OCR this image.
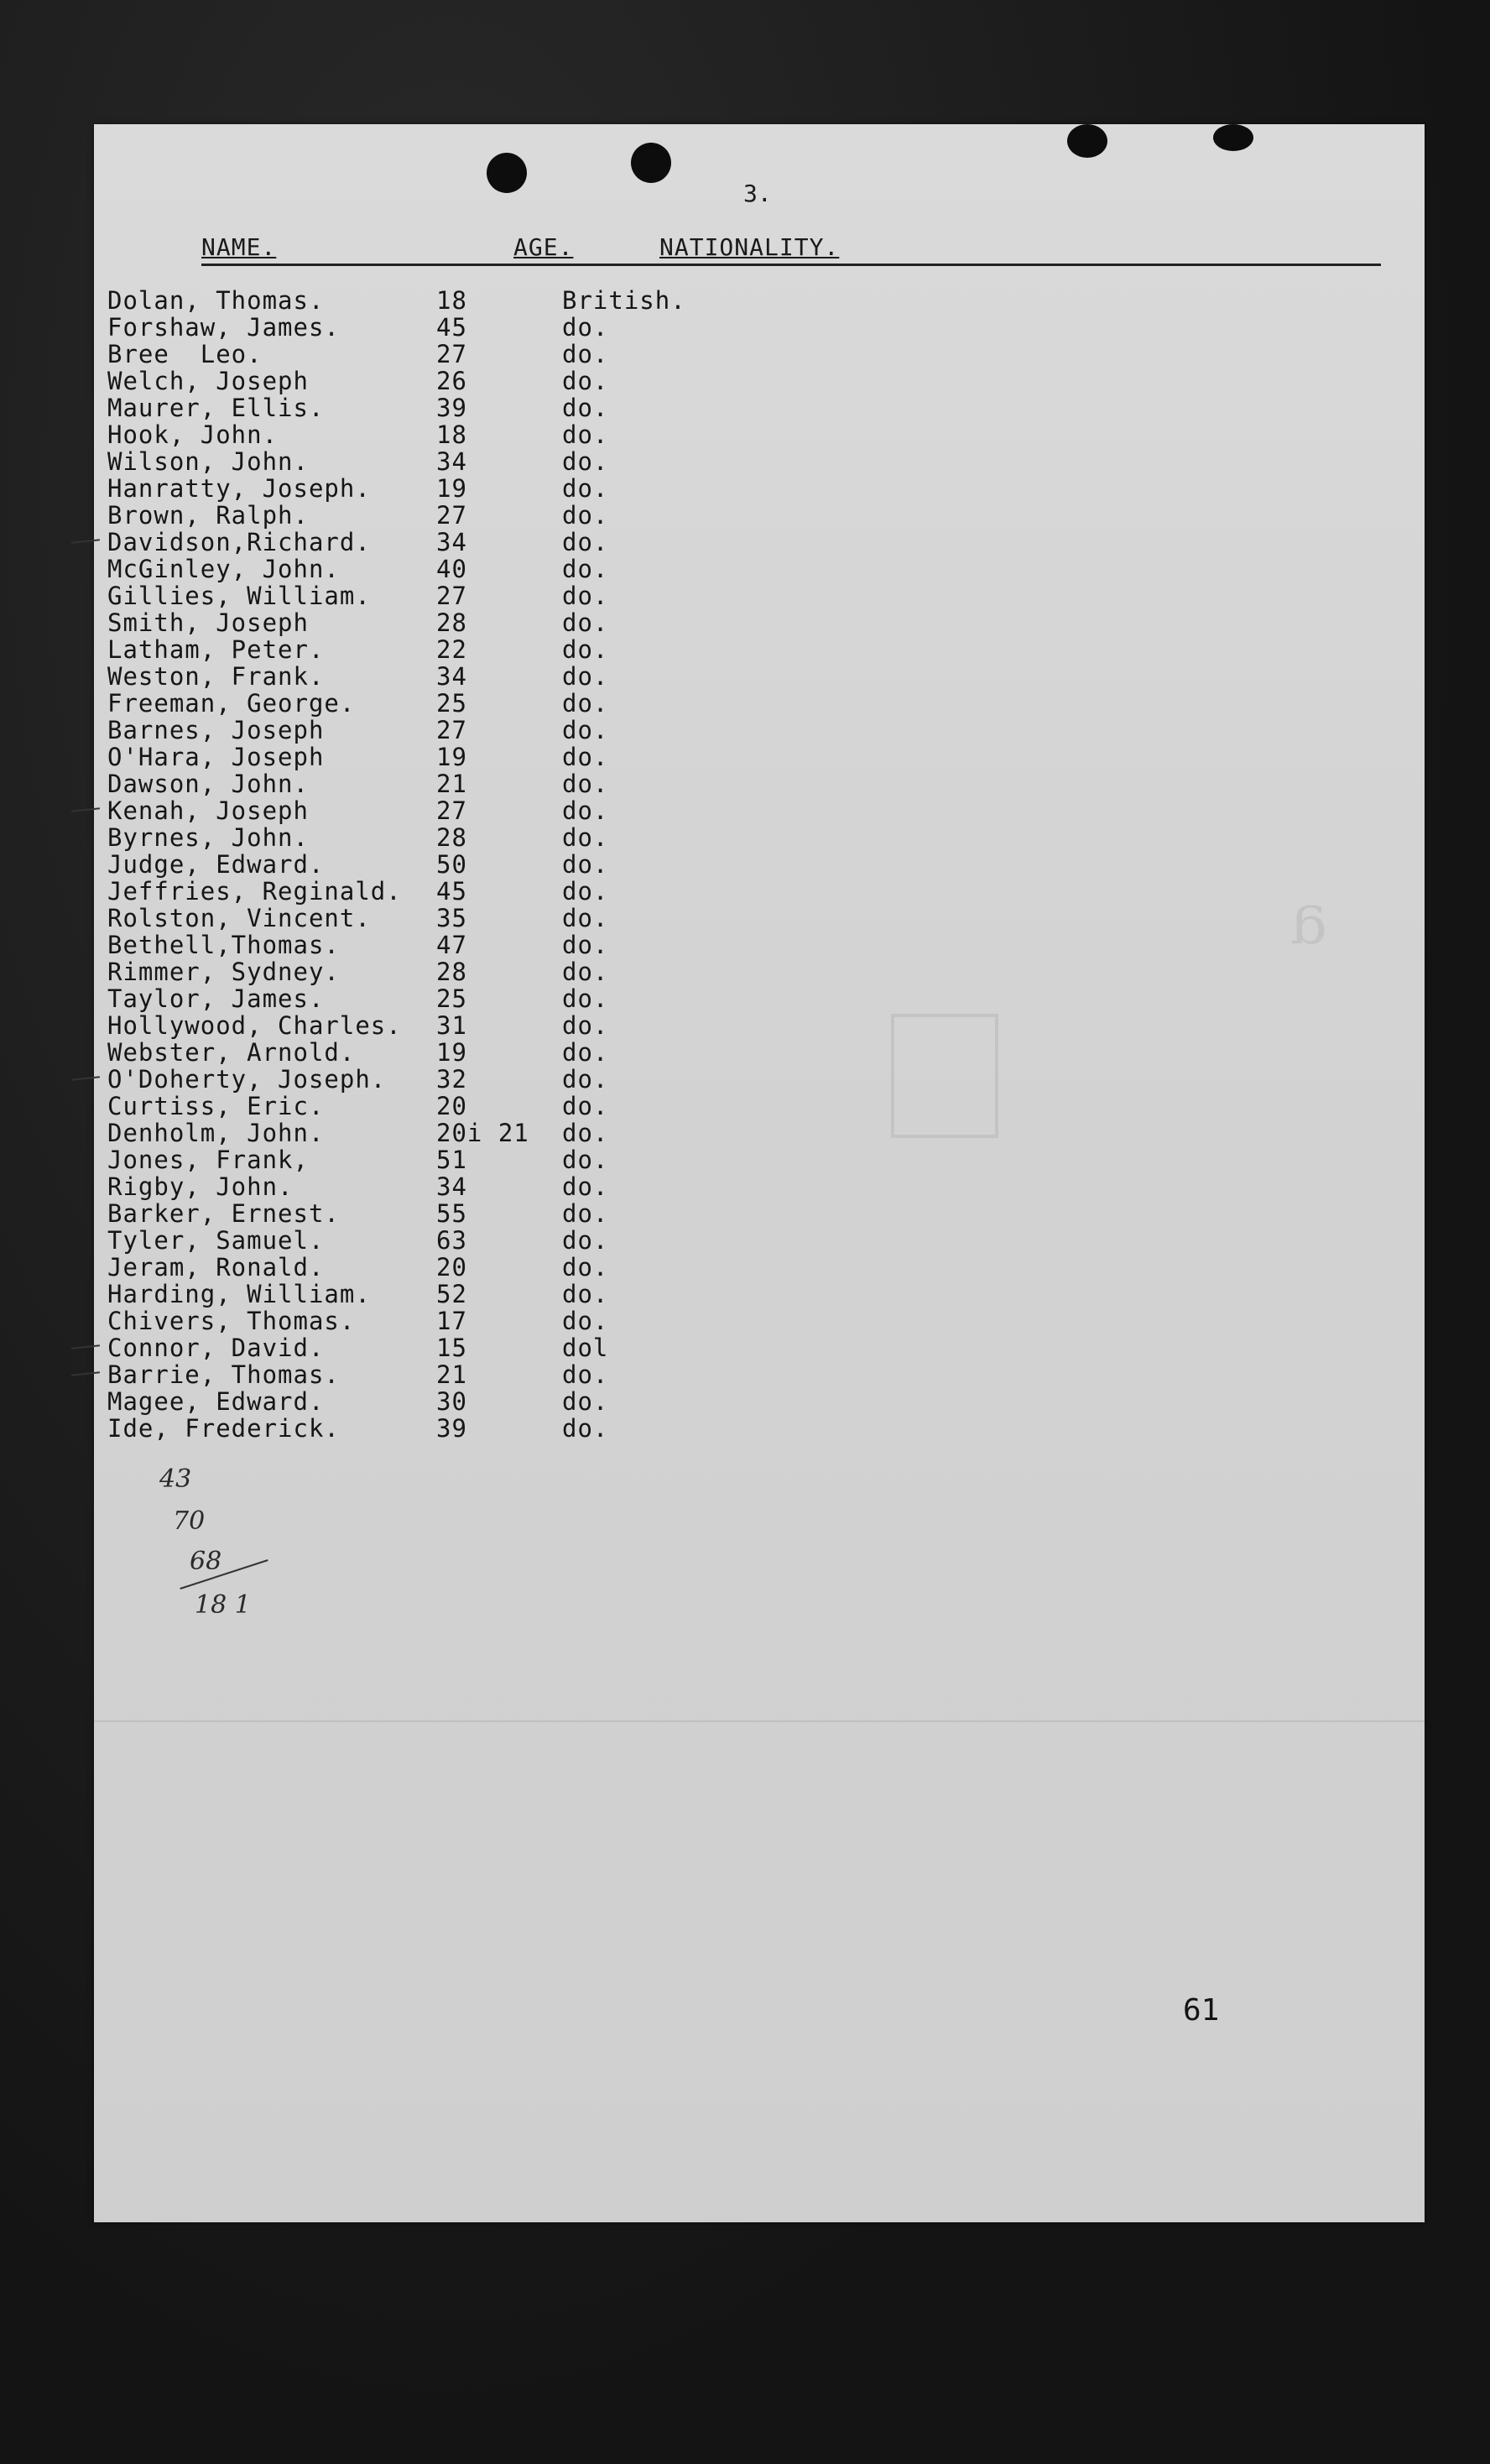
ᵍ
3.
NAME.	AGE.	NATIONALITY.
Dolan, Thomas.	18	British.
Forshaw, James.	45	do.
Bree  Leo.	27	do.
Welch, Joseph	26	do.
Maurer, Ellis.	39	do.
Hook, John.	18	do.
Wilson, John.	34	do.
Hanratty, Joseph.	19	do.
Brown, Ralph.	27	do.
Davidson,Richard.	34	do.
McGinley, John.	40	do.
Gillies, William.	27	do.
Smith, Joseph	28	do.
Latham, Peter.	22	do.
Weston, Frank.	34	do.
Freeman, George.	25	do.
Barnes, Joseph	27	do.
O'Hara, Joseph	19	do.
Dawson, John.	21	do.
Kenah, Joseph	27	do.
Byrnes, John.	28	do.
Judge, Edward.	50	do.
Jeffries, Reginald. 45	do.
Rolston, Vincent.	35	do.
Bethell,Thomas.	47	do.
Rimmer, Sydney.	28	do.
Taylor, James.	25	do.
Hollywood, Charles. 31	do.
Webster, Arnold.	19	do.
O'Doherty, Joseph. 32	do.
Curtiss, Eric.	20	do.
Denholm, John.	20i 21 do.
Jones, Frank,	51	do.
Rigby, John.	34	do.
Barker, Ernest.	55	do.
Tyler, Samuel.	63	do.
Jeram, Ronald.	20	do.
Harding, William.	52	do.
Chivers, Thomas.	17	do.
Connor, David.	15	dol
Barrie, Thomas.	21	do.
Magee, Edward.	30	do.
Ide, Frederick.	39	do.
43
70
68
18 1
61
